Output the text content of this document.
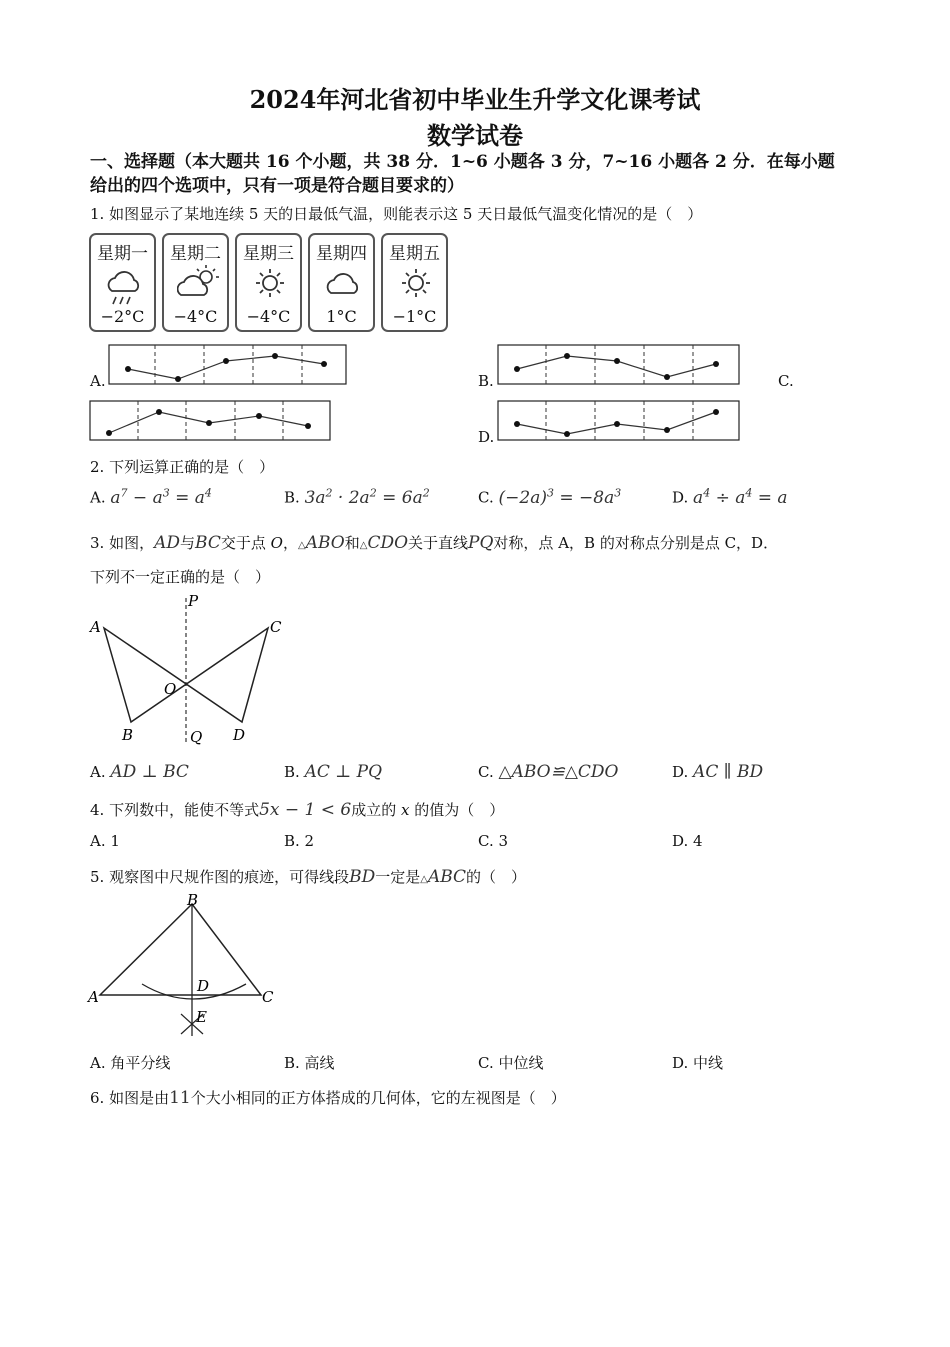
2024年河北省初中毕业生升学文化课考试
数学试卷
一、选择题（本大题共 16 个小题，共 38 分．1~6 小题各 3 分，7~16 小题各 2 分．在每小题
给出的四个选项中，只有一项是符合题目要求的）
1. 如图显示了某地连续 5 天的日最低气温，则能表示这 5 天日最低气温变化情况的是（　）
星期一
−2°C
星期二
−4°C
星期三
−4°C
星期四
1°C
星期五
−1°C
A.	B.	C.
D.
2. 下列运算正确的是（　）
A. $a^7 - a^3 = a^4$	B. $3a^2 \cdot 2a^2 = 6a^2$	C. $(-2a)^3 = -8a^3$	D. $a^4 \div a^4 = a$
3. 如图，AD与BC交于点 O，△ABO和△CDO关于直线PQ对称，点 A，B 的对称点分别是点 C，D．
下列不一定正确的是（　）
P
Q
A
B
C
D
O
A. AD ⊥ BC	B. AC ⊥ PQ	C. △ABO≌△CDO	D. AC ∥ BD
4. 下列数中，能使不等式5x − 1 < 6成立的 x 的值为（　）
A. 1	B. 2	C. 3	D. 4
5. 观察图中尺规作图的痕迹，可得线段BD一定是△ABC的（　）
B
A	C
D
E
A. 角平分线	B. 高线	C. 中位线	D. 中线
6. 如图是由11个大小相同的正方体搭成的几何体，它的左视图是（　）
